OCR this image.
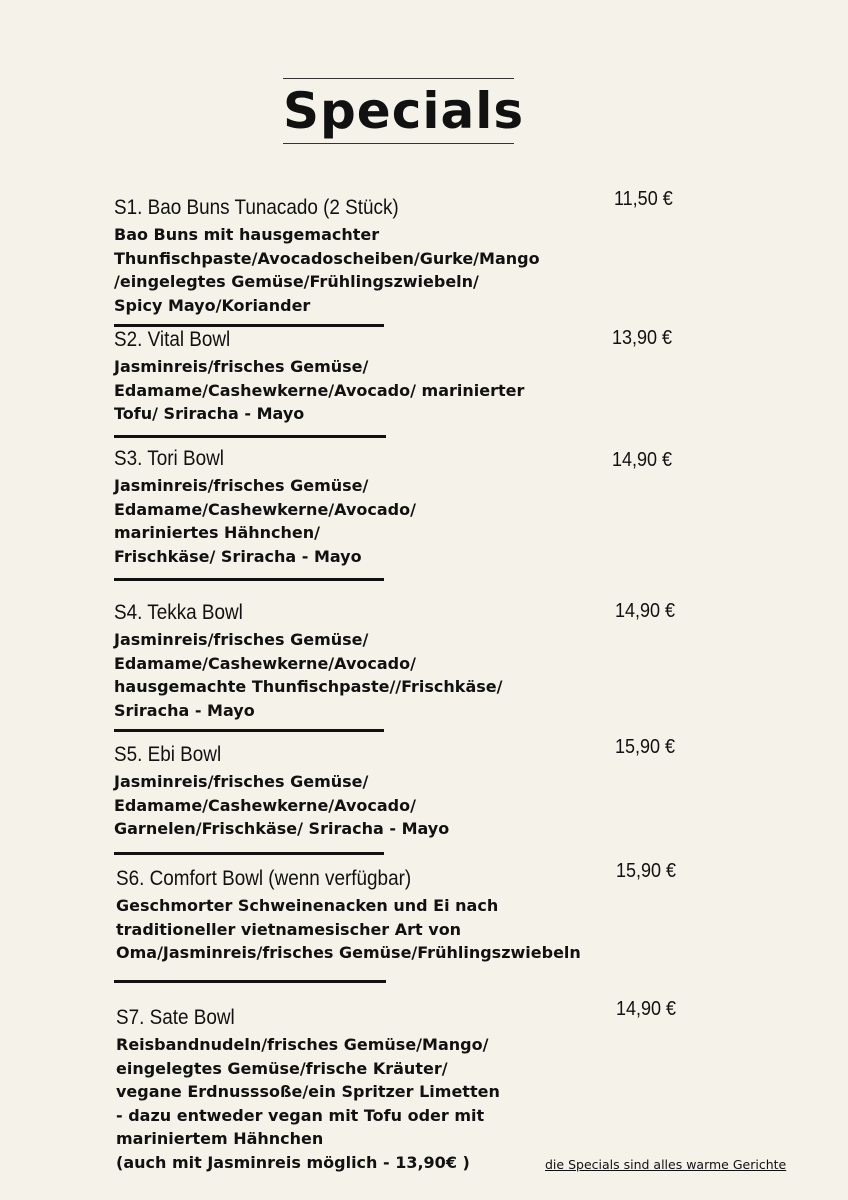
Specials
S1. Bao Buns Tunacado (2 Stück)
Bao Buns mit hausgemachter
Thunfischpaste/Avocadoscheiben/Gurke/Mango
/eingelegtes Gemüse/Frühlingszwiebeln/
Spicy Mayo/Koriander
11,50 €
S2. Vital Bowl
Jasminreis/frisches Gemüse/
Edamame/Cashewkerne/Avocado/ marinierter
Tofu/ Sriracha - Mayo
13,90 €
S3. Tori Bowl
Jasminreis/frisches Gemüse/
Edamame/Cashewkerne/Avocado/
mariniertes Hähnchen/
Frischkäse/ Sriracha - Mayo
14,90 €
S4. Tekka Bowl
Jasminreis/frisches Gemüse/
Edamame/Cashewkerne/Avocado/
hausgemachte Thunfischpaste//Frischkäse/
Sriracha - Mayo
14,90 €
S5. Ebi Bowl
Jasminreis/frisches Gemüse/
Edamame/Cashewkerne/Avocado/
Garnelen/Frischkäse/ Sriracha - Mayo
15,90 €
S6. Comfort Bowl (wenn verfügbar)
Geschmorter Schweinenacken und Ei nach
traditioneller vietnamesischer Art von
Oma/Jasminreis/frisches Gemüse/Frühlingszwiebeln
15,90 €
S7. Sate Bowl
Reisbandnudeln/frisches Gemüse/Mango/
eingelegtes Gemüse/frische Kräuter/
vegane Erdnusssoße/ein Spritzer Limetten
- dazu entweder vegan mit Tofu oder mit
mariniertem Hähnchen
(auch mit Jasminreis möglich - 13,90€ )
14,90 €
die Specials sind alles warme Gerichte
